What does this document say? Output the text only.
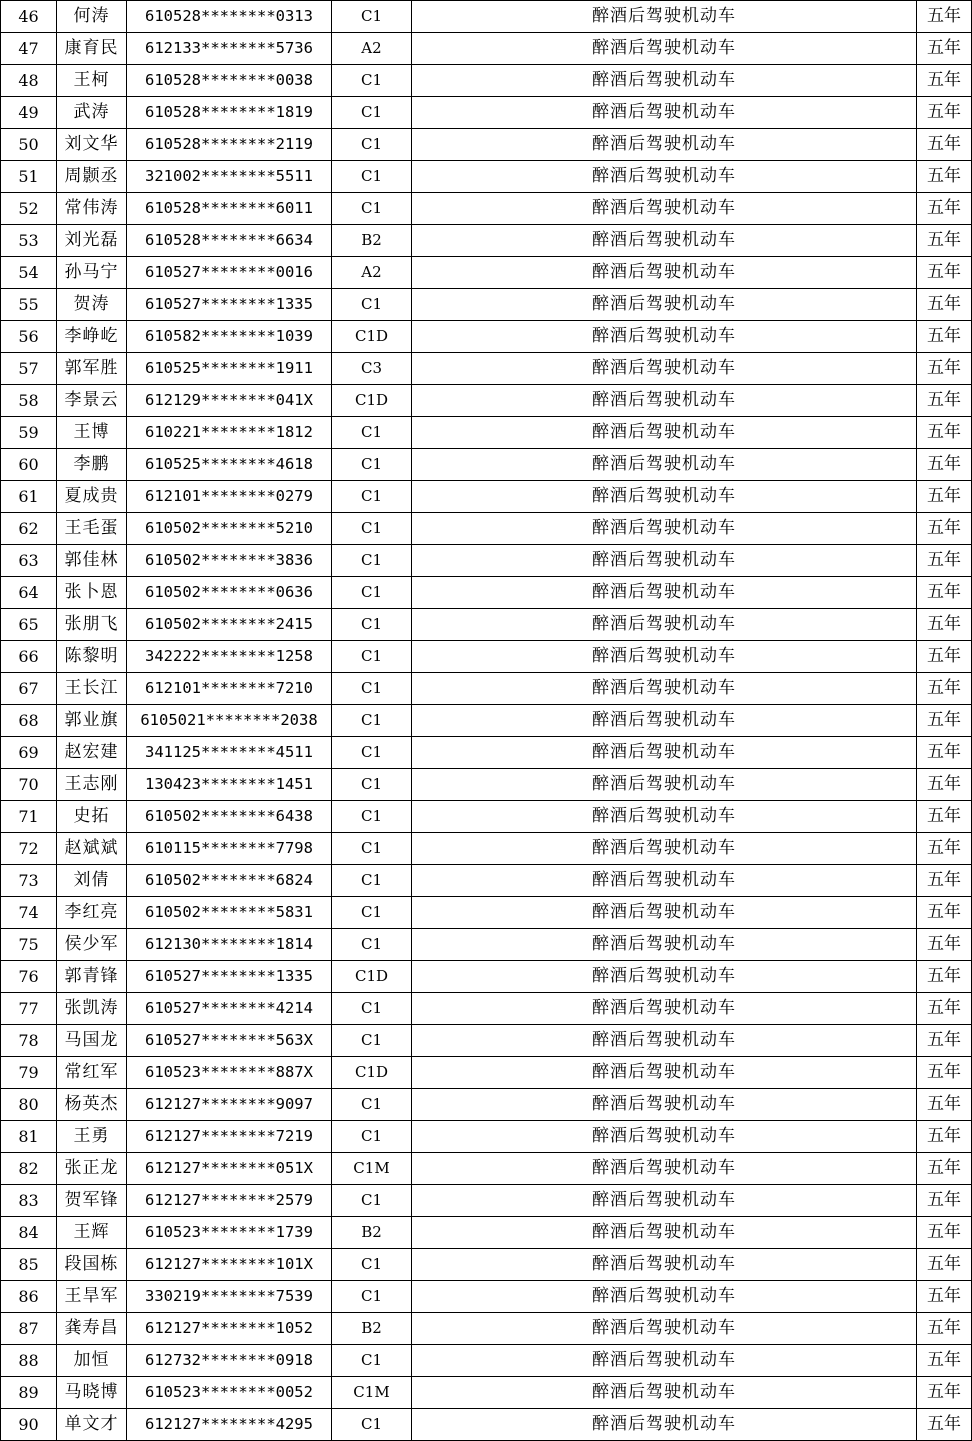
46	何涛	610528********0313	C1	醉酒后驾驶机动车	五年
47	康育民	612133********5736	A2	醉酒后驾驶机动车	五年
48	王柯	610528********0038	C1	醉酒后驾驶机动车	五年
49	武涛	610528********1819	C1	醉酒后驾驶机动车	五年
50	刘文华	610528********2119	C1	醉酒后驾驶机动车	五年
51	周颢丞	321002********5511	C1	醉酒后驾驶机动车	五年
52	常伟涛	610528********6011	C1	醉酒后驾驶机动车	五年
53	刘光磊	610528********6634	B2	醉酒后驾驶机动车	五年
54	孙马宁	610527********0016	A2	醉酒后驾驶机动车	五年
55	贺涛	610527********1335	C1	醉酒后驾驶机动车	五年
56	李峥屹	610582********1039	C1D	醉酒后驾驶机动车	五年
57	郭军胜	610525********1911	C3	醉酒后驾驶机动车	五年
58	李景云	612129********041X	C1D	醉酒后驾驶机动车	五年
59	王博	610221********1812	C1	醉酒后驾驶机动车	五年
60	李鹏	610525********4618	C1	醉酒后驾驶机动车	五年
61	夏成贵	612101********0279	C1	醉酒后驾驶机动车	五年
62	王毛蛋	610502********5210	C1	醉酒后驾驶机动车	五年
63	郭佳林	610502********3836	C1	醉酒后驾驶机动车	五年
64	张卜恩	610502********0636	C1	醉酒后驾驶机动车	五年
65	张朋飞	610502********2415	C1	醉酒后驾驶机动车	五年
66	陈黎明	342222********1258	C1	醉酒后驾驶机动车	五年
67	王长江	612101********7210	C1	醉酒后驾驶机动车	五年
68	郭业旗	6105021********2038	C1	醉酒后驾驶机动车	五年
69	赵宏建	341125********4511	C1	醉酒后驾驶机动车	五年
70	王志刚	130423********1451	C1	醉酒后驾驶机动车	五年
71	史拓	610502********6438	C1	醉酒后驾驶机动车	五年
72	赵斌斌	610115********7798	C1	醉酒后驾驶机动车	五年
73	刘倩	610502********6824	C1	醉酒后驾驶机动车	五年
74	李红亮	610502********5831	C1	醉酒后驾驶机动车	五年
75	侯少军	612130********1814	C1	醉酒后驾驶机动车	五年
76	郭青锋	610527********1335	C1D	醉酒后驾驶机动车	五年
77	张凯涛	610527********4214	C1	醉酒后驾驶机动车	五年
78	马国龙	610527********563X	C1	醉酒后驾驶机动车	五年
79	常红军	610523********887X	C1D	醉酒后驾驶机动车	五年
80	杨英杰	612127********9097	C1	醉酒后驾驶机动车	五年
81	王勇	612127********7219	C1	醉酒后驾驶机动车	五年
82	张正龙	612127********051X	C1M	醉酒后驾驶机动车	五年
83	贺军锋	612127********2579	C1	醉酒后驾驶机动车	五年
84	王辉	610523********1739	B2	醉酒后驾驶机动车	五年
85	段国栋	612127********101X	C1	醉酒后驾驶机动车	五年
86	王旱军	330219********7539	C1	醉酒后驾驶机动车	五年
87	龚寿昌	612127********1052	B2	醉酒后驾驶机动车	五年
88	加恒	612732********0918	C1	醉酒后驾驶机动车	五年
89	马晓博	610523********0052	C1M	醉酒后驾驶机动车	五年
90	单文才	612127********4295	C1	醉酒后驾驶机动车	五年
